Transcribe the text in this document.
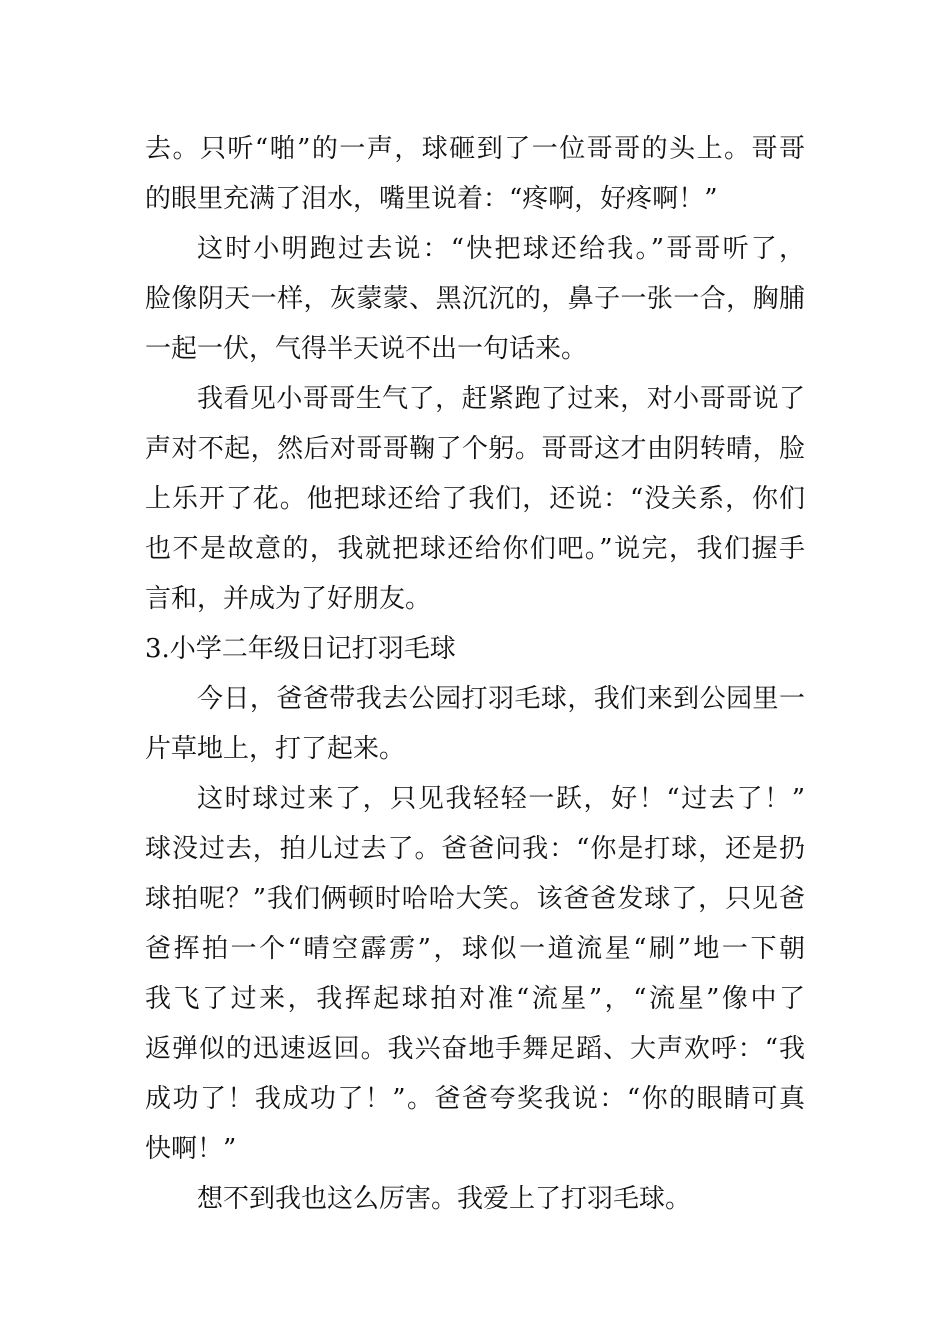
去。只听“啪”的一声，球砸到了一位哥哥的头上。哥哥
的眼里充满了泪水，嘴里说着：“疼啊，好疼啊！”
这时小明跑过去说：“快把球还给我。”哥哥听了，
脸像阴天一样，灰蒙蒙、黑沉沉的，鼻子一张一合，胸脯
一起一伏，气得半天说不出一句话来。
我看见小哥哥生气了，赶紧跑了过来，对小哥哥说了
声对不起，然后对哥哥鞠了个躬。哥哥这才由阴转晴，脸
上乐开了花。他把球还给了我们，还说：“没关系，你们
也不是故意的，我就把球还给你们吧。”说完，我们握手
言和，并成为了好朋友。
3.小学二年级日记打羽毛球
今日，爸爸带我去公园打羽毛球，我们来到公园里一
片草地上，打了起来。
这时球过来了，只见我轻轻一跃，好！“过去了！”
球没过去，拍儿过去了。爸爸问我：“你是打球，还是扔
球拍呢？”我们俩顿时哈哈大笑。该爸爸发球了，只见爸
爸挥拍一个“晴空霹雳”，球似一道流星“刷”地一下朝
我飞了过来，我挥起球拍对准“流星”，“流星”像中了
返弹似的迅速返回。我兴奋地手舞足蹈、大声欢呼：“我
成功了！我成功了！”。爸爸夸奖我说：“你的眼睛可真
快啊！”
想不到我也这么厉害。我爱上了打羽毛球。
